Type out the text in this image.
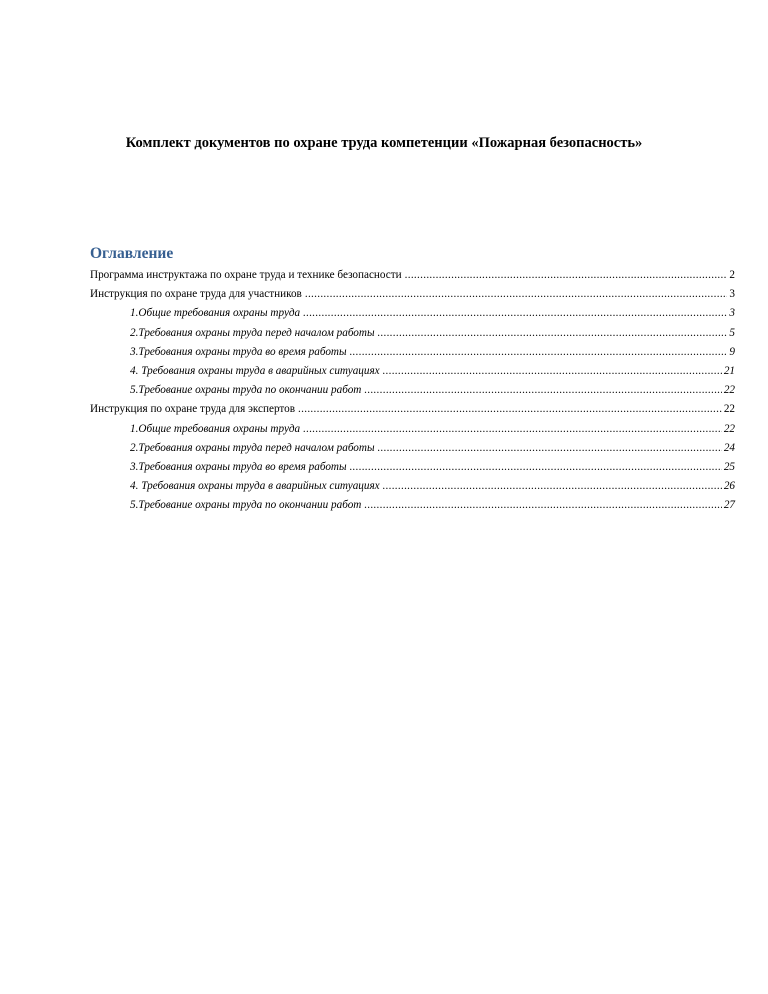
Комплект документов по охране труда компетенции «Пожарная безопасность»
Оглавление
Программа инструктажа по охране труда и технике безопасности .....	2
Инструкция по охране труда для участников .....	3
1.Общие требования охраны труда .....	3
2.Требования охраны труда перед началом работы .....	5
3.Требования охраны труда во время работы .....	9
4. Требования охраны труда в аварийных ситуациях .....	21
5.Требование охраны труда по окончании работ .....	22
Инструкция по охране труда для экспертов .....	22
1.Общие требования охраны труда .....	22
2.Требования охраны труда перед началом работы .....	24
3.Требования охраны труда во время работы .....	25
4. Требования охраны труда в аварийных ситуациях .....	26
5.Требование охраны труда по окончании работ .....	27
